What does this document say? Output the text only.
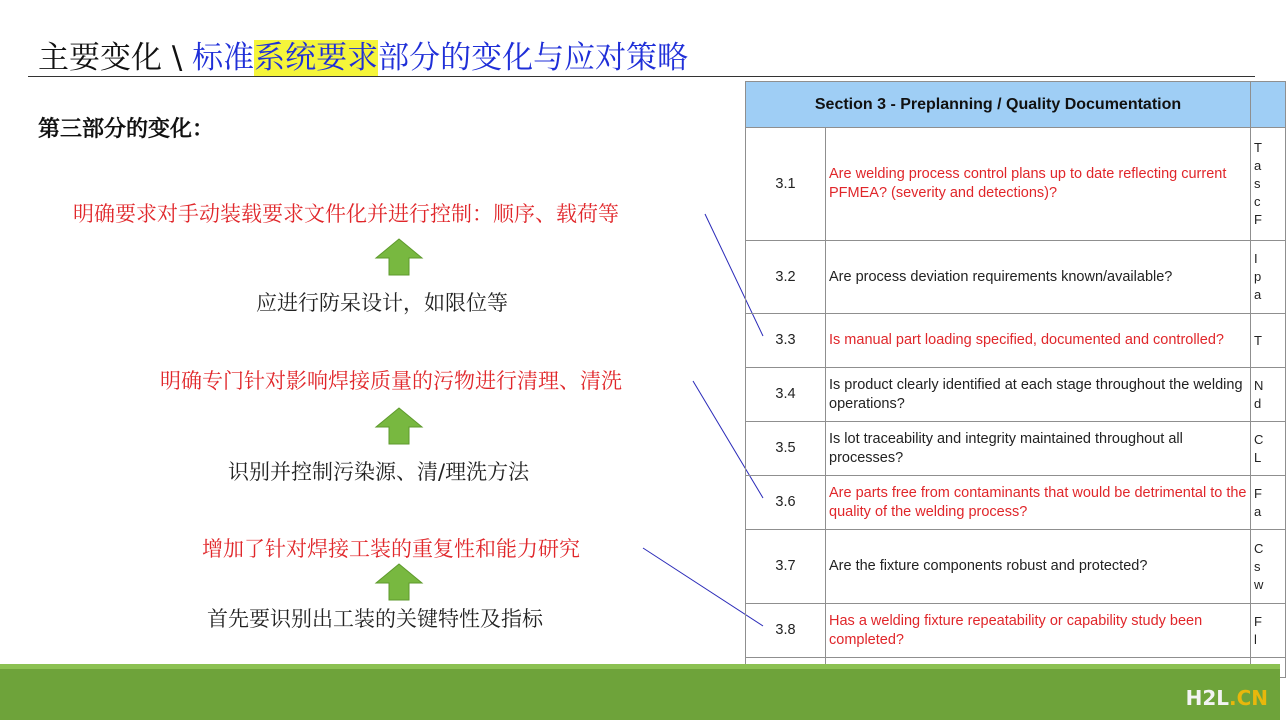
主要变化 \ 标准系统要求部分的变化与应对策略
第三部分的变化：
明确要求对手动装载要求文件化并进行控制：顺序、载荷等
应进行防呆设计，如限位等
明确专门针对影响焊接质量的污物进行清理、清洗
识别并控制污染源、清/理洗方法
增加了针对焊接工装的重复性和能力研究
首先要识别出工装的关键特性及指标
Section 3 - Preplanning / Quality Documentation		
3.1	Are welding process control plans up to date reflecting current PFMEA? (severity and detections)?	T
a
s
c
F
3.2	Are process deviation requirements known/available?	I
p
a
3.3	Is manual part loading specified, documented and controlled?	T
3.4	Is product clearly identified at each stage throughout the welding operations?	N
d
3.5	Is lot traceability and integrity maintained throughout all processes?	C
L
3.6	Are parts free from contaminants that would be detrimental to the quality of the welding process?	F
a
3.7	Are the fixture components robust and protected?	C
s
w
3.8	Has a welding fixture repeatability or capability study been completed?	F
l

H2L.CN
